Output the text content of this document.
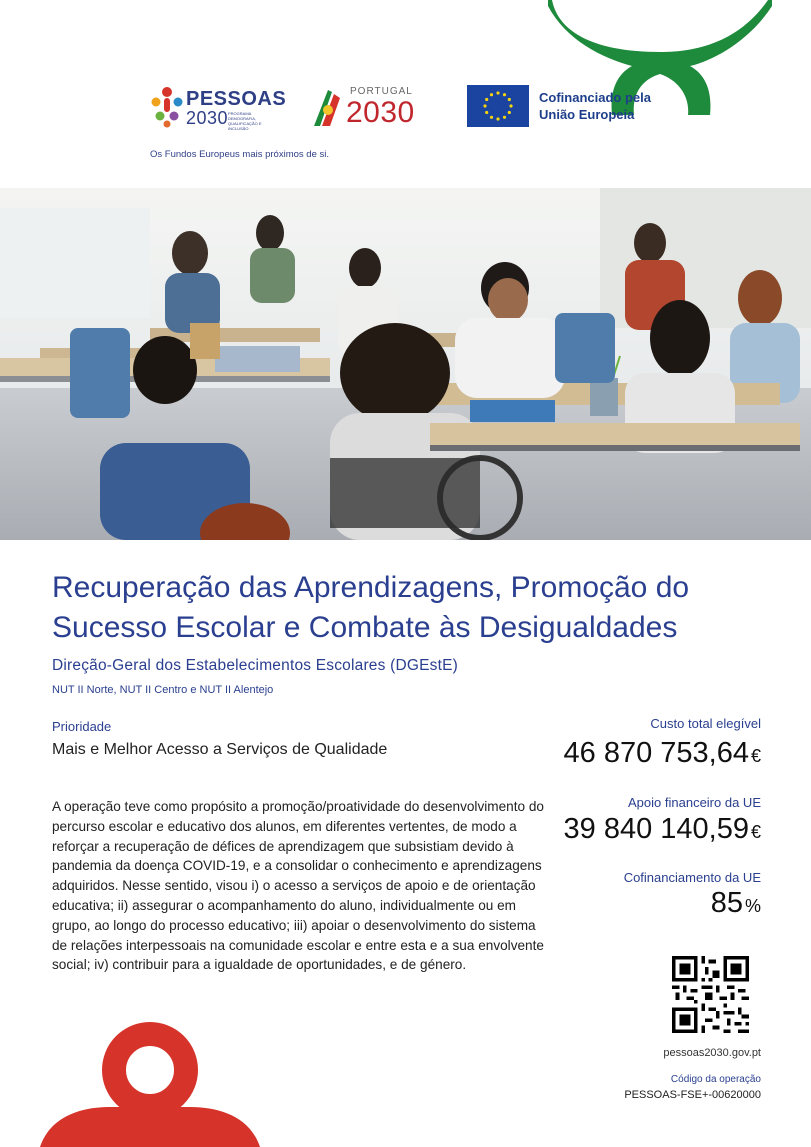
PESSOAS
2030 PROGRAMA DEMOGRAFIA, QUALIFICAÇÃO E INCLUSÃO
PORTUGAL
2030	Cofinanciado pela
União Europeia
Os Fundos Europeus mais próximos de si.
Recuperação das Aprendizagens, Promoção do Sucesso Escolar e Combate às Desigualdades
Direção-Geral dos Estabelecimentos Escolares (DGEstE)
NUT II Norte, NUT II Centro e NUT II Alentejo
Prioridade
Mais e Melhor Acesso a Serviços de Qualidade
A operação teve como propósito a promoção/proatividade do desenvolvimento do percurso escolar e educativo dos alunos, em diferentes vertentes, de modo a reforçar a recuperação de défices de aprendizagem que subsistiam devido à pandemia da doença COVID-19, e a consolidar o conhecimento e aprendizagens adquiridos. Nesse sentido, visou i) o acesso a serviços de apoio e de orientação educativa; ii) assegurar o acompanhamento do aluno, individualmente ou em grupo, ao longo do processo educativo; iii) apoiar o desenvolvimento do sistema de relações interpessoais na comunidade escolar e entre esta e a sua envolvente social; iv) contribuir para a igualdade de oportunidades, e de género.
Custo total elegível
46 870 753,64 €
Apoio financeiro da UE
39 840 140,59 €
Cofinanciamento da UE
85 %
pessoas2030.gov.pt
Código da operação
PESSOAS-FSE+-00620000
